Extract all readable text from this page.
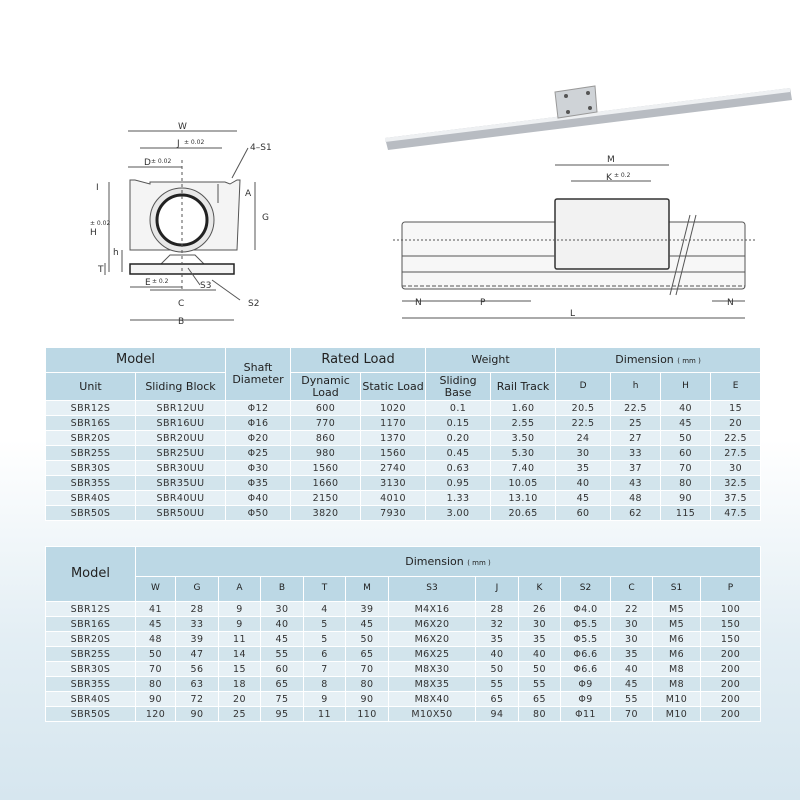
W
J ± 0.02
D ± 0.02
4–S1
I
A
G
H
± 0.02
h
T
E ± 0.2	S3
S2
C
B
M
K ± 0.2
N	P	N
L
Model		Shaft Diameter	Rated Load		Weight		Dimension ( mm )			
Unit	Sliding Block		Dynamic Load	Static Load	Sliding Base	Rail Track	D	h	H	E
SBR12S	SBR12UU	Φ12	600	1020	0.1	1.60	20.5	22.5	40	15
SBR16S	SBR16UU	Φ16	770	1170	0.15	2.55	22.5	25	45	20
SBR20S	SBR20UU	Φ20	860	1370	0.20	3.50	24	27	50	22.5
SBR25S	SBR25UU	Φ25	980	1560	0.45	5.30	30	33	60	27.5
SBR30S	SBR30UU	Φ30	1560	2740	0.63	7.40	35	37	70	30
SBR35S	SBR35UU	Φ35	1660	3130	0.95	10.05	40	43	80	32.5
SBR40S	SBR40UU	Φ40	2150	4010	1.33	13.10	45	48	90	37.5
SBR50S	SBR50UU	Φ50	3820	7930	3.00	20.65	60	62	115	47.5
Model	Dimension ( mm )												
	W	G	A	B	T	M	S3	J	K	S2	C	S1	P
SBR12S	41	28	9	30	4	39	M4X16	28	26	Φ4.0	22	M5	100
SBR16S	45	33	9	40	5	45	M6X20	32	30	Φ5.5	30	M5	150
SBR20S	48	39	11	45	5	50	M6X20	35	35	Φ5.5	30	M6	150
SBR25S	50	47	14	55	6	65	M6X25	40	40	Φ6.6	35	M6	200
SBR30S	70	56	15	60	7	70	M8X30	50	50	Φ6.6	40	M8	200
SBR35S	80	63	18	65	8	80	M8X35	55	55	Φ9	45	M8	200
SBR40S	90	72	20	75	9	90	M8X40	65	65	Φ9	55	M10	200
SBR50S	120	90	25	95	11	110	M10X50	94	80	Φ11	70	M10	200
